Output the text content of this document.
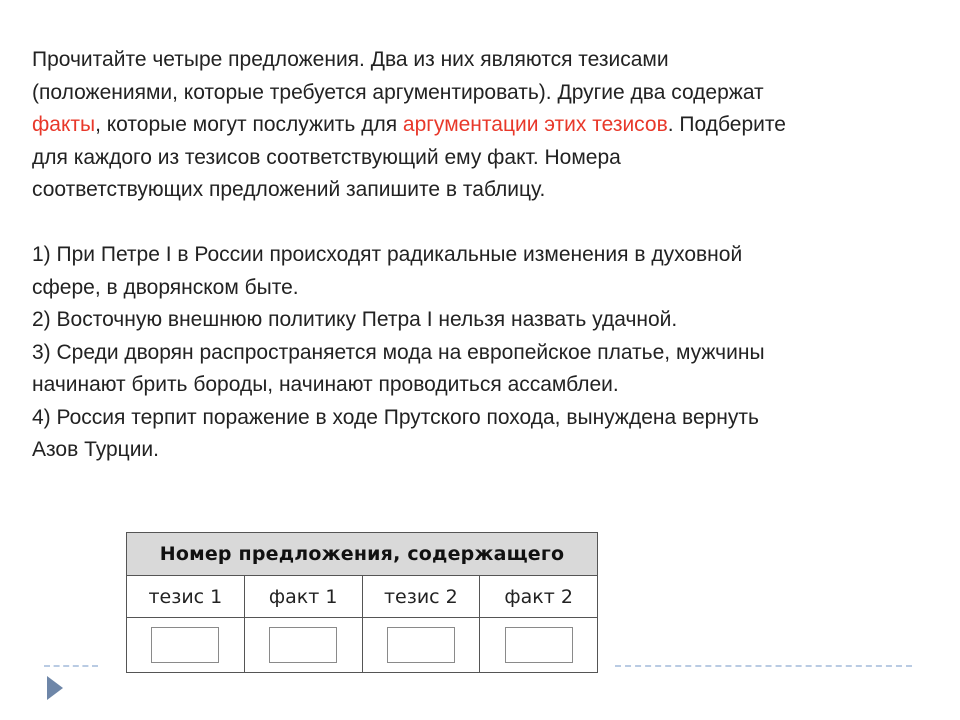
Прочитайте четыре предложения. Два из них являются тезисами

(положениями, которые требуется аргументировать). Другие два содержат

факты, которые могут послужить для аргументации этих тезисов. Подберите

для каждого из тезисов соответствующий ему факт. Номера

соответствующих предложений запишите в таблицу.

1) При Петре I в России происходят радикальные изменения в духовной

сфере, в дворянском быте.

2) Восточную внешнюю политику Петра I нельзя назвать удачной.

3) Среди дворян распространяется мода на европейское платье, мужчины

начинают брить бороды, начинают проводиться ассамблеи.

4) Россия терпит поражение в ходе Прутского похода, вынуждена вернуть

Азов Турции.

Номер предложения, содержащего			
тезис 1	факт 1	тезис 2	факт 2
